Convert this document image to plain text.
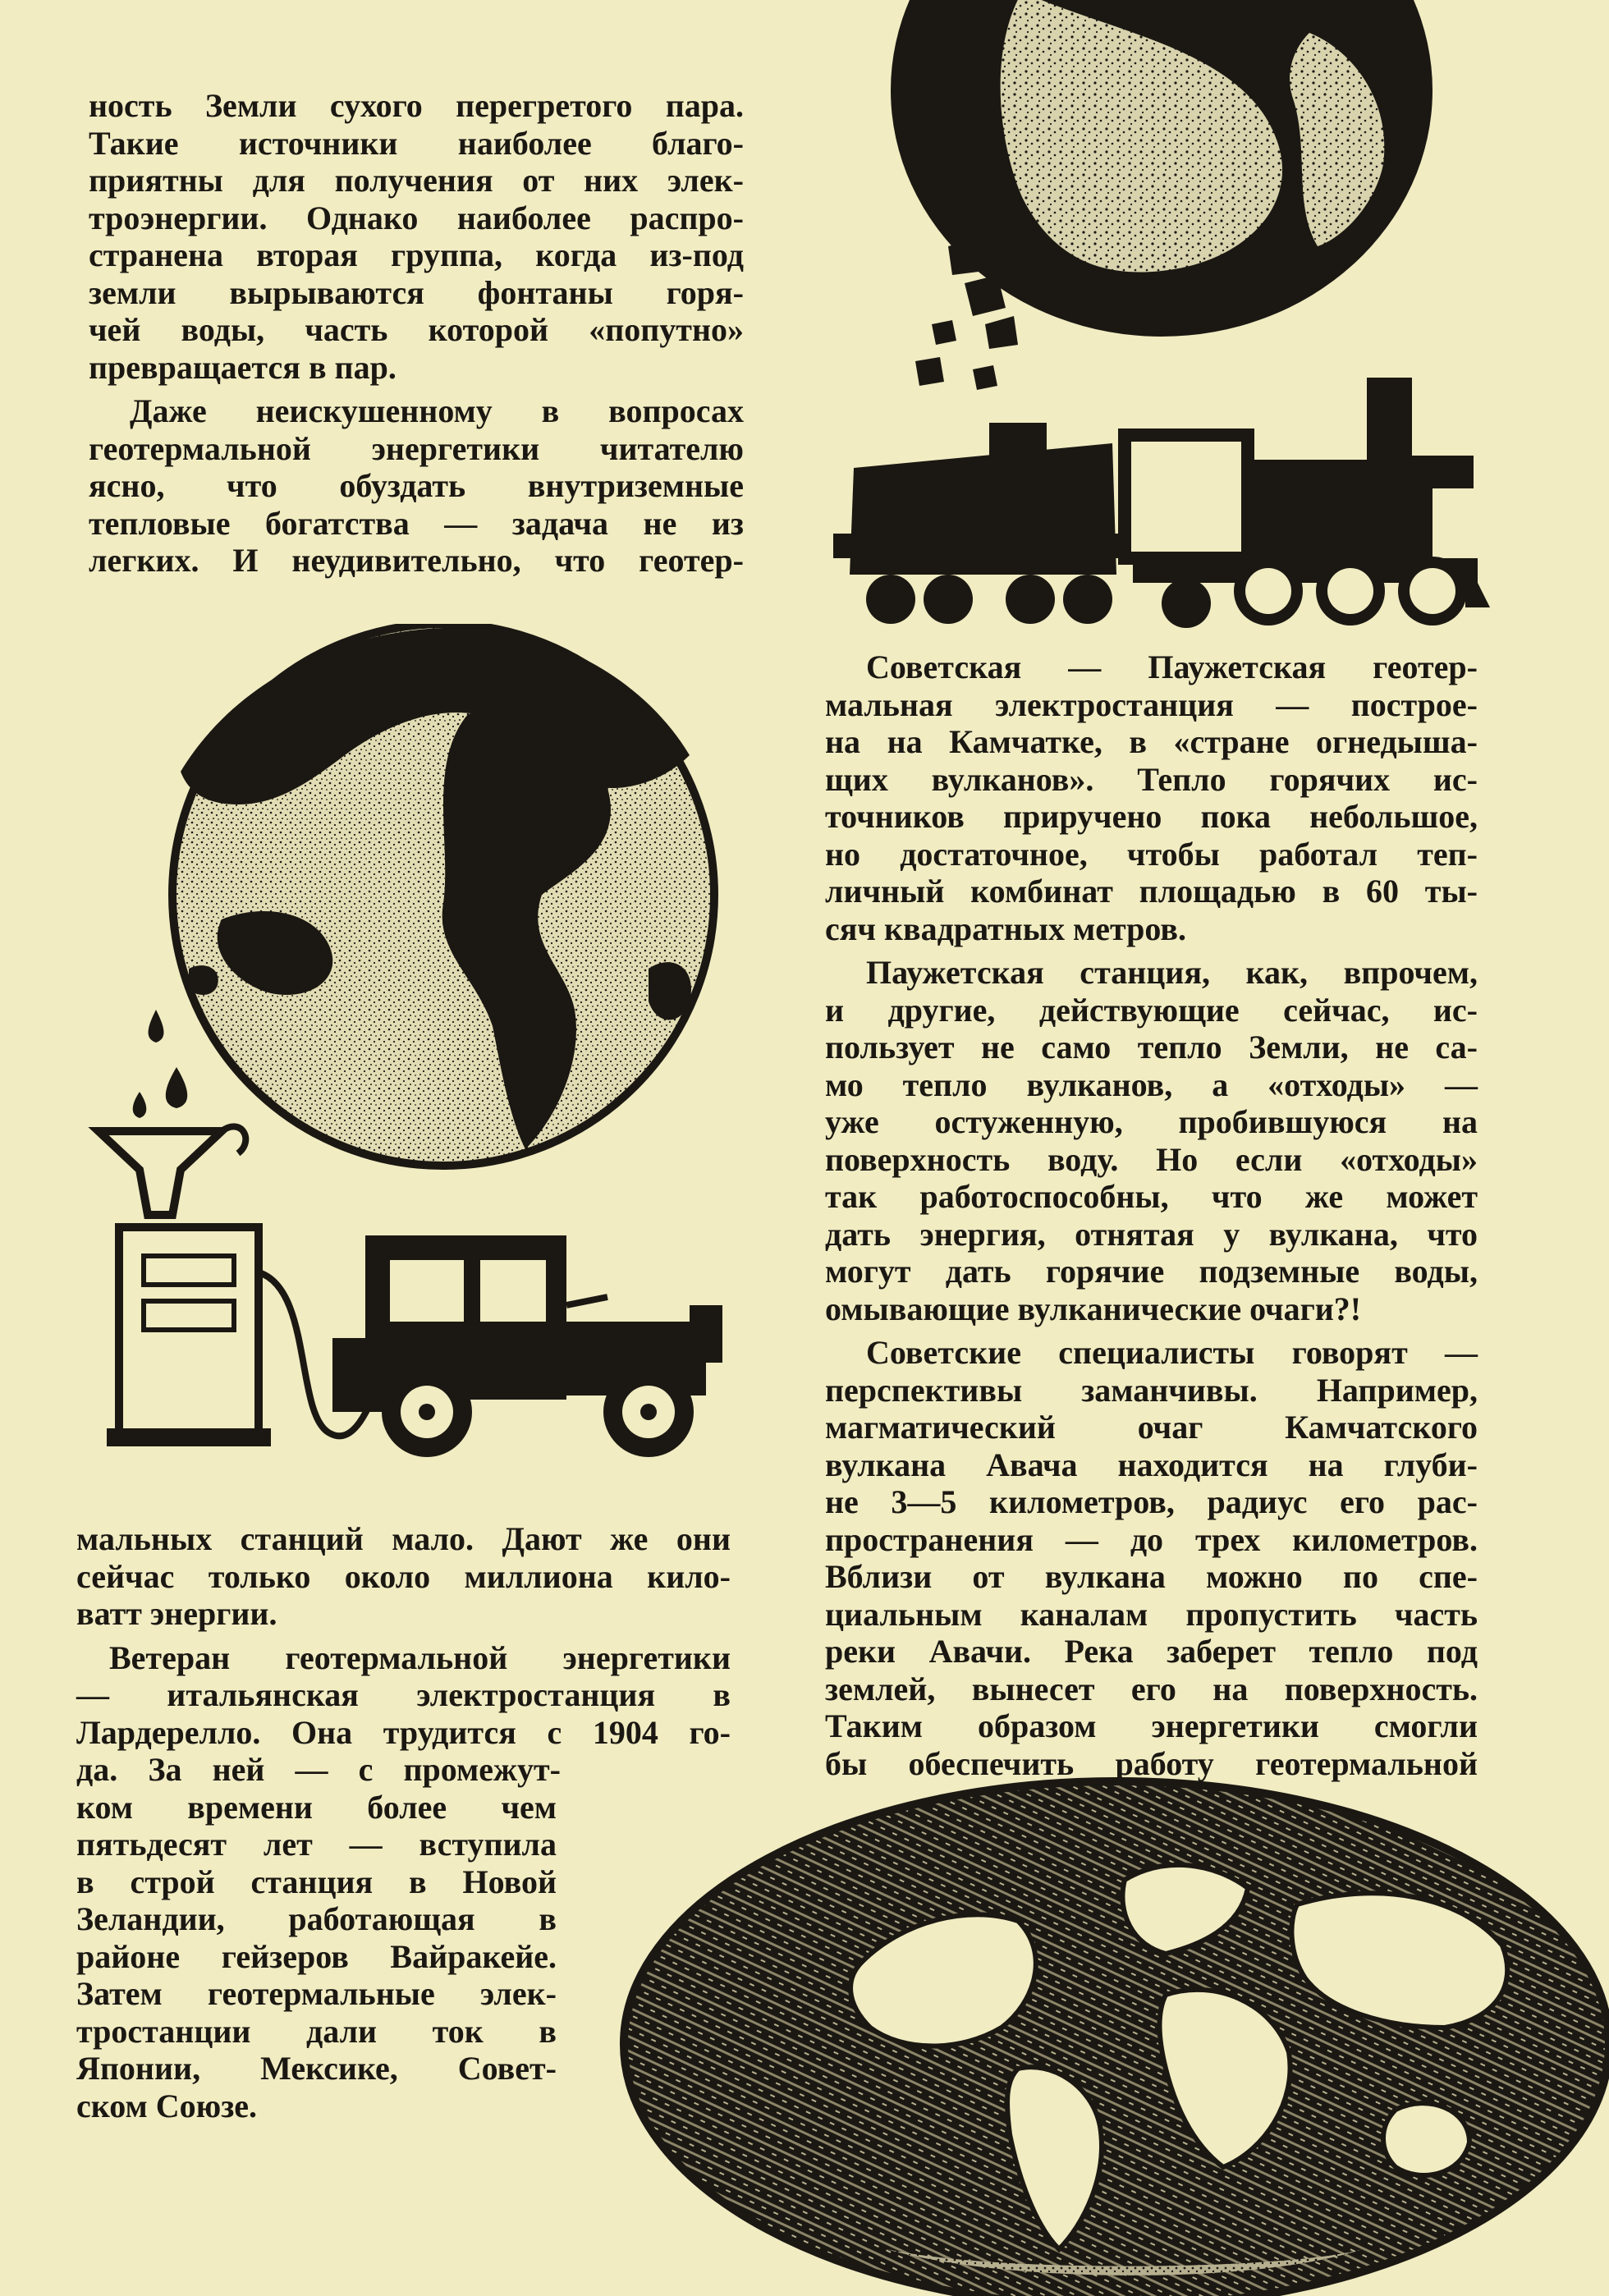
ность Земли сухого перегретого пара.
Такие источники наиболее благо-
приятны для получения от них элек-
троэнергии. Однако наиболее распро-
странена вторая группа, когда из-под
земли вырываются фонтаны горя-
чей воды, часть которой «попутно»
превращается в пар.

Даже неискушенному в вопросах
геотермальной энергетики читателю
ясно, что обуздать внутриземные
тепловые богатства — задача не из
легких. И неудивительно, что геотер-

Советская — Паужетская геотер-
мальная электростанция — построе-
на на Камчатке, в «стране огнедыша-
щих вулканов». Тепло горячих ис-
точников приручено пока небольшое,
но достаточное, чтобы работал теп-
личный комбинат площадью в 60 ты-
сяч квадратных метров.

Паужетская станция, как, впрочем,
и другие, действующие сейчас, ис-
пользует не само тепло Земли, не са-
мо тепло вулканов, а «отходы» —
уже остуженную, пробившуюся на
поверхность воду. Но если «отходы»
так работоспособны, что же может
дать энергия, отнятая у вулкана, что
могут дать горячие подземные воды,
омывающие вулканические очаги?!

Советские специалисты говорят —
перспективы заманчивы. Например,
магматический очаг Камчатского
вулкана Авача находится на глуби-
не 3—5 километров, радиус его рас-
пространения — до трех километров.
Вблизи от вулкана можно по спе-
циальным каналам пропустить часть
реки Авачи. Река заберет тепло под
землей, вынесет его на поверхность.
Таким образом энергетики смогли
бы обеспечить работу геотермальной

мальных станций мало. Дают же они
сейчас только около миллиона кило-
ватт энергии.

Ветеран геотермальной энергетики
— итальянская электростанция в
Лардерелло. Она трудится с 1904 го-
да. За ней — с промежут-
ком времени более чем
пятьдесят лет — вступила
в строй станция в Новой
Зеландии, работающая в
районе гейзеров Вайракейе.
Затем геотермальные элек-
тростанции дали ток в
Японии, Мексике, Совет-
ском Союзе.
